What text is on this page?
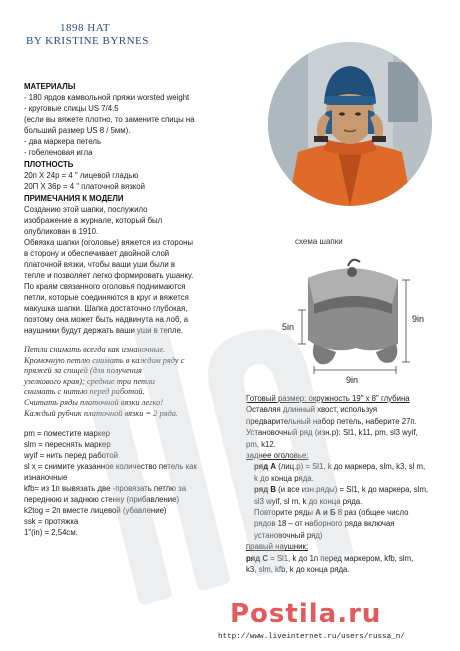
1898 HAT
BY KRISTINE BYRNES
МАТЕРИАЛЫ
- 180 ярдов камвольной пряжи worsted weight
- круговые спицы US 7/4.5
(если вы вяжете плотно, то замените спицы на
больший размер US 8 / 5мм).
- два маркера петель
- гобеленовая игла
ПЛОТНОСТЬ
20п Х 24р = 4 " лицевой гладью
20П X 36р = 4 " платочной вязкой
ПРИМЕЧАНИЯ К МОДЕЛИ
Созданию этой шапки, послужило
изображение в журнале, который был
опубликован в 1910.
Обвязка шапки (оголовье) вяжется из стороны
в сторону и обеспечивает двойной слой
платочной вязки, чтобы ваши уши были в
тепле и позволяет легко формировать ушанку.
По краям связанного оголовья поднимаются
петли, которые соединяются в круг и вяжется
макушка шапки. Шапка достаточно глубокая,
поэтому она может быть надвинута на лоб, а
наушники будут держать ваши уши в тепле.
Петли снимать всегда как изнаночные.
Кромочную петлю снимать в каждом ряду с
пряжей за спицей (для получения
узелкового края); средние три петли
снимать с нитью перед работой.
Считать ряды платочной вязки легко!
Каждый рубчик платочной вязки = 2 ряда.
pm = поместите маркер
slm = переснять маркер
wyif = нить перед работой
sl x = снимите указанное количество петель как
изнаночные
kfb= из 1п вывязать две -провязать петлю за
переднюю и заднюю стенку (прибавление)
k2tog = 2п вместе лицевой (убавление)
ssk = протяжка
1"(in) = 2,54см.
схема шапки
5in
9in
9in
Готовый размер: окружность 19" x 8" глубина
Оставляя длинный хвост, используя
предварительный набор петель, наберите 27п.
Установочный ряд (изн.р): Sl1, k11, pm, sl3 wyif,
pm, k12.
заднее оголовье:
ряд А (лиц.р) = Sl1, k до маркера, slm, k3, sl m,
k до конца ряда.
ряд В (и все изн.ряды) = Sl1, k до маркера, slm,
sl3 wyif, sl m, k до конца ряда.
Повторите ряды А и Б 8 раз (общее число
рядов 18 – от наборного ряда включая
установочный ряд)
правый наушник:
ряд С = Sl1, k до 1п перед маркером, kfb, slm,
k3, slm, kfb, k до конца ряда.
Postila.ru
http://www.liveinternet.ru/users/russa_n/
